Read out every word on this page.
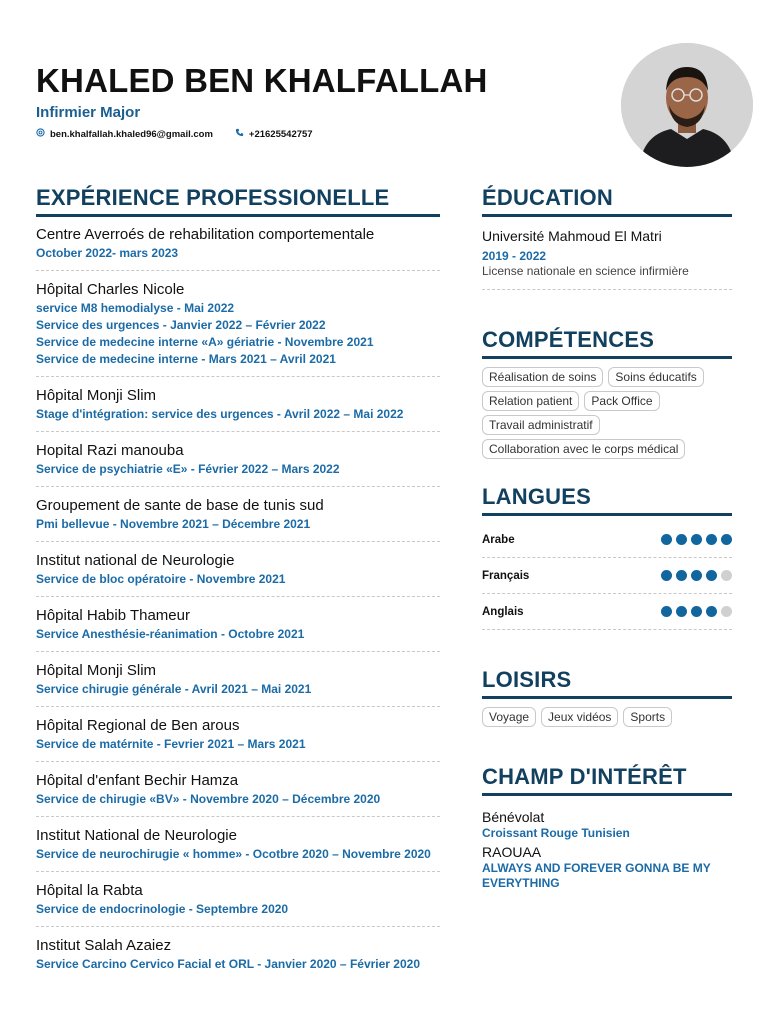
KHALED BEN KHALFALLAH
Infirmier Major
ben.khalfallah.khaled96@gmail.com	+21625542757
EXPÉRIENCE PROFESSIONELLE
Centre Averroés de rehabilitation comportementale
October 2022- mars 2023
Hôpital Charles Nicole
service M8 hemodialyse - Mai 2022
Service des urgences - Janvier 2022 – Février 2022
Service de medecine interne «A» gériatrie - Novembre 2021
Service de medecine interne - Mars 2021 – Avril 2021
Hôpital Monji Slim
Stage d'intégration: service des urgences - Avril 2022 – Mai 2022
Hopital Razi manouba
Service de psychiatrie «E» - Février 2022 – Mars 2022
Groupement de sante de base de tunis sud
Pmi bellevue - Novembre 2021 – Décembre 2021
Institut national de Neurologie
Service de bloc opératoire - Novembre 2021
Hôpital Habib Thameur
Service Anesthésie-réanimation - Octobre 2021
Hôpital Monji Slim
Service chirugie générale - Avril 2021 – Mai 2021
Hôpital Regional de Ben arous
Service de matérnite - Fevrier 2021 – Mars 2021
Hôpital d'enfant Bechir Hamza
Service de chirugie «BV» - Novembre 2020 – Décembre 2020
Institut National de Neurologie
Service de neurochirugie « homme» - Ocotbre 2020 – Novembre 2020
Hôpital la Rabta
Service de endocrinologie - Septembre 2020
Institut Salah Azaiez
Service Carcino Cervico Facial et ORL - Janvier 2020 – Février 2020
ÉDUCATION
Université Mahmoud El Matri
2019 - 2022
License nationale en science infirmière
COMPÉTENCES
Réalisation de soins	Soins éducatifs
Relation patient	Pack Office
Travail administratif
Collaboration avec le corps médical
LANGUES
Arabe
Français
Anglais
LOISIRS
Voyage	Jeux vidéos	Sports
CHAMP D'INTÉRÊT
Bénévolat
Croissant Rouge Tunisien
RAOUAA
ALWAYS AND FOREVER GONNA BE MY EVERYTHING
